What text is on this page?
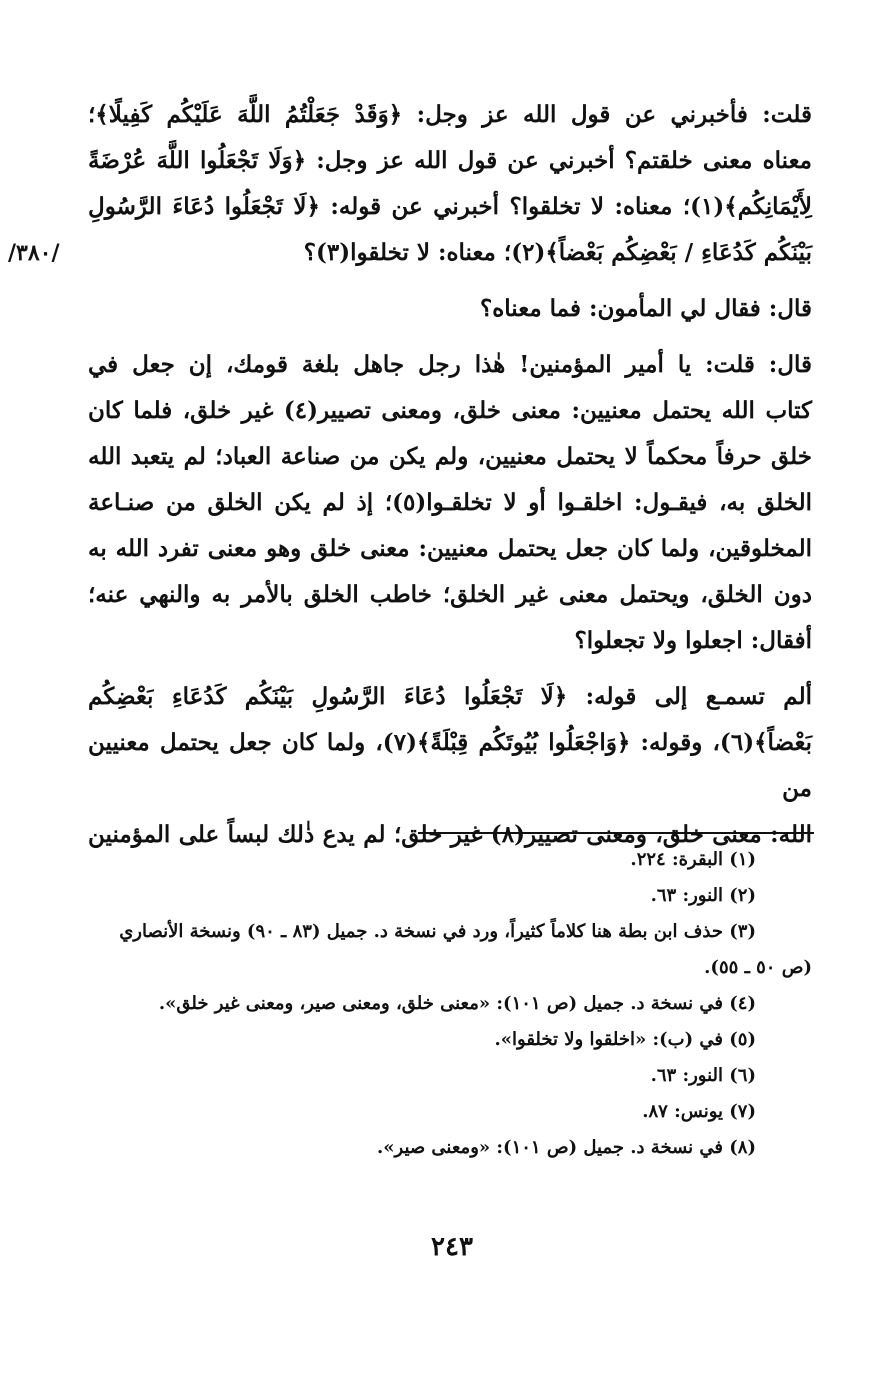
/٣٨٠/

قلت: فأخبرني عن قول الله عز وجل: ﴿وَقَدْ جَعَلْتُمُ اللَّهَ عَلَيْكُم كَفِيلًا﴾؛
معناه معنى خلقتم؟ أخبرني عن قول الله عز وجل: ﴿وَلَا تَجْعَلُوا اللَّهَ عُرْضَةً
لِأَيْمَانِكُم﴾(١)؛ معناه: لا تخلقوا؟ أخبرني عن قوله: ﴿لَا تَجْعَلُوا دُعَاءَ الرَّسُولِ
بَيْنَكُم كَدُعَاءِ / بَعْضِكُم بَعْضاً﴾(٢)؛ معناه: لا تخلقوا(٣)؟

قال: فقال لي المأمون: فما معناه؟

قال: قلت: يا أمير المؤمنين! هٰذا رجل جاهل بلغة قومك، إن جعل في
كتاب الله يحتمل معنيين: معنى خلق، ومعنى تصيير(٤) غير خلق، فلما كان
خلق حرفاً محكماً لا يحتمل معنيين، ولم يكن من صناعة العباد؛ لم يتعبد الله
الخلق به، فيقـول: اخلقـوا أو لا تخلقـوا(٥)؛ إذ لم يكن الخلق من صنـاعة
المخلوقين، ولما كان جعل يحتمل معنيين: معنى خلق وهو معنى تفرد الله به
دون الخلق، ويحتمل معنى غير الخلق؛ خاطب الخلق بالأمر به والنهي عنه؛
أفقال: اجعلوا ولا تجعلوا؟

ألم تسمـع إلى قوله: ﴿لَا تَجْعَلُوا دُعَاءَ الرَّسُولِ بَيْنَكُم كَدُعَاءِ بَعْضِكُم
بَعْضاً﴾(٦)، وقوله: ﴿وَاجْعَلُوا بُيُوتَكُم قِبْلَةً﴾(٧)، ولما كان جعل يحتمل معنيين من
الله: معنى خلق، ومعنى تصيير(٨) غير خلق؛ لم يدع ذٰلك لبساً على المؤمنين

(١) البقرة: ٢٢٤.

(٢) النور: ٦٣.

(٣) حذف ابن بطة هنا كلاماً كثيراً، ورد في نسخة د. جميل (٨٣ ـ ٩٠) ونسخة الأنصاري
(ص ٥٠ ـ ٥٥).

(٤) في نسخة د. جميل (ص ١٠١): «معنى خلق، ومعنى صير، ومعنى غير خلق».

(٥) في (ب): «اخلقوا ولا تخلقوا».

(٦) النور: ٦٣.

(٧) يونس: ٨٧.

(٨) في نسخة د. جميل (ص ١٠١): «ومعنى صير».

٢٤٣
